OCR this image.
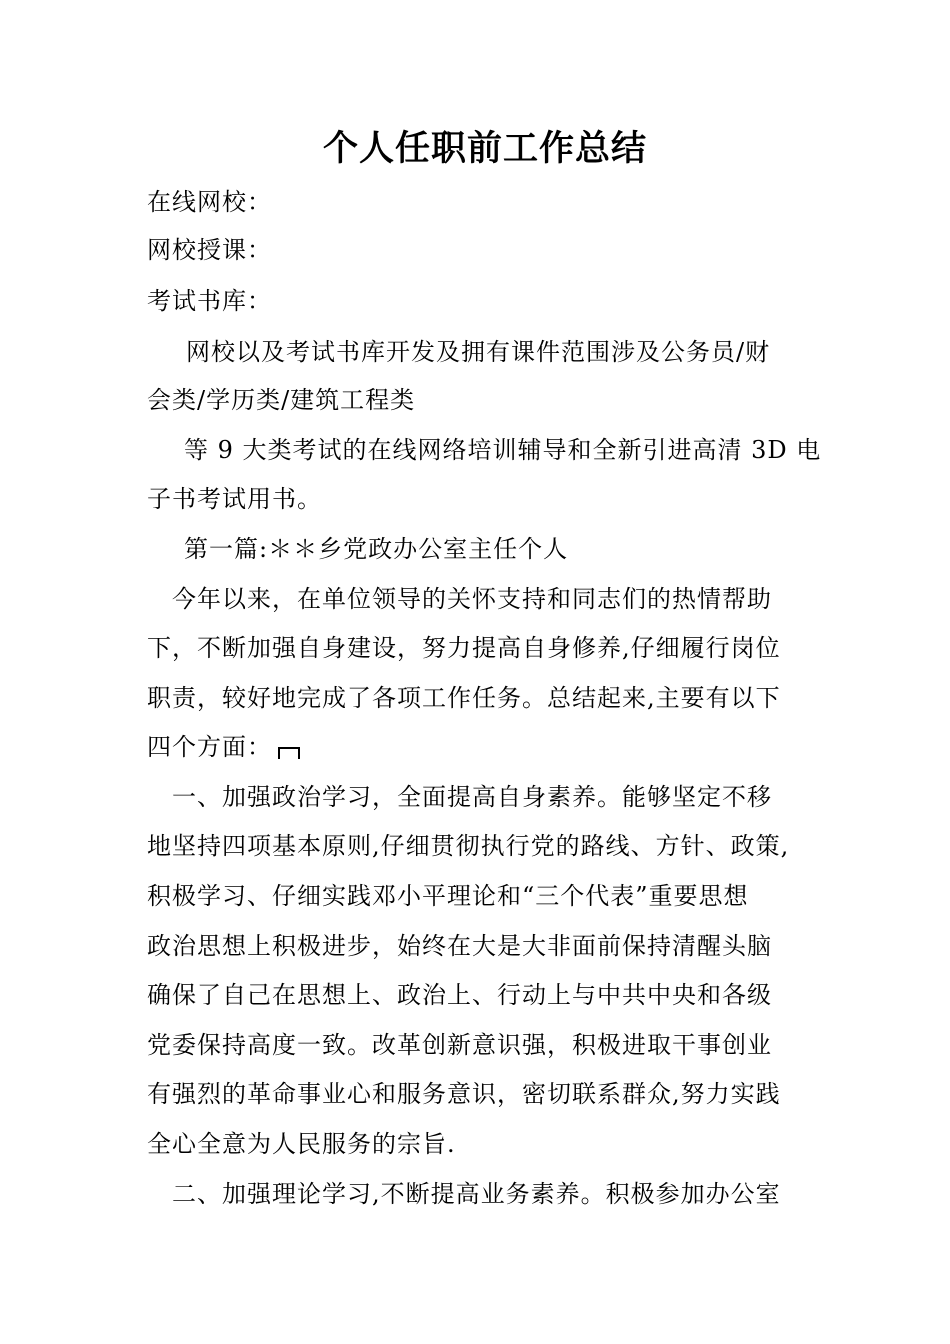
个人任职前工作总结
在线网校：
网校授课：
考试书库：
网校以及考试书库开发及拥有课件范围涉及公务员/财
会类/学历类/建筑工程类
等 9 大类考试的在线网络培训辅导和全新引进高清 3D 电
子书考试用书。
第一篇:＊＊乡党政办公室主任个人
今年以来，在单位领导的关怀支持和同志们的热情帮助
下，不断加强自身建设，努力提高自身修养,仔细履行岗位
职责，较好地完成了各项工作任务。总结起来,主要有以下
四个方面：
一、加强政治学习，全面提高自身素养。能够坚定不移
地坚持四项基本原则,仔细贯彻执行党的路线、方针、政策,
积极学习、仔细实践邓小平理论和“三个代表”重要思想
政治思想上积极进步，始终在大是大非面前保持清醒头脑
确保了自己在思想上、政治上、行动上与中共中央和各级
党委保持高度一致。改革创新意识强，积极进取干事创业
有强烈的革命事业心和服务意识，密切联系群众,努力实践
全心全意为人民服务的宗旨.
二、加强理论学习,不断提高业务素养。积极参加办公室
